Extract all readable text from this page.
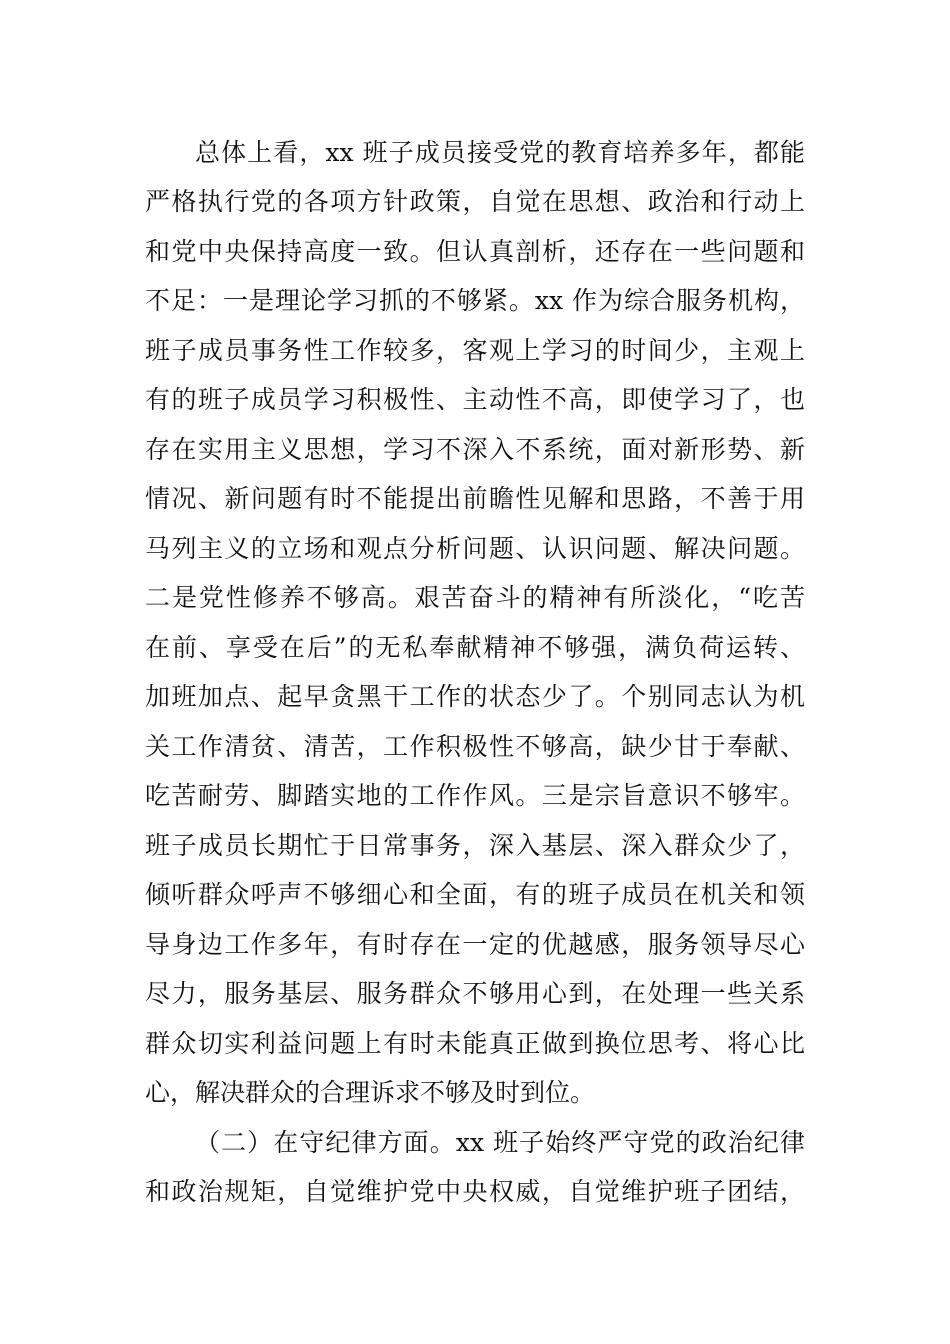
总体上看，xx 班子成员接受党的教育培养多年，都能
严格执行党的各项方针政策，自觉在思想、政治和行动上
和党中央保持高度一致。但认真剖析，还存在一些问题和
不足：一是理论学习抓的不够紧。xx 作为综合服务机构，
班子成员事务性工作较多，客观上学习的时间少，主观上
有的班子成员学习积极性、主动性不高，即使学习了，也
存在实用主义思想，学习不深入不系统，面对新形势、新
情况、新问题有时不能提出前瞻性见解和思路，不善于用
马列主义的立场和观点分析问题、认识问题、解决问题。
二是党性修养不够高。艰苦奋斗的精神有所淡化，“吃苦
在前、享受在后”的无私奉献精神不够强，满负荷运转、
加班加点、起早贪黑干工作的状态少了。个别同志认为机
关工作清贫、清苦，工作积极性不够高，缺少甘于奉献、
吃苦耐劳、脚踏实地的工作作风。三是宗旨意识不够牢。
班子成员长期忙于日常事务，深入基层、深入群众少了，
倾听群众呼声不够细心和全面，有的班子成员在机关和领
导身边工作多年，有时存在一定的优越感，服务领导尽心
尽力，服务基层、服务群众不够用心到，在处理一些关系
群众切实利益问题上有时未能真正做到换位思考、将心比
心，解决群众的合理诉求不够及时到位。
（二）在守纪律方面。xx 班子始终严守党的政治纪律
和政治规矩，自觉维护党中央权威，自觉维护班子团结，
